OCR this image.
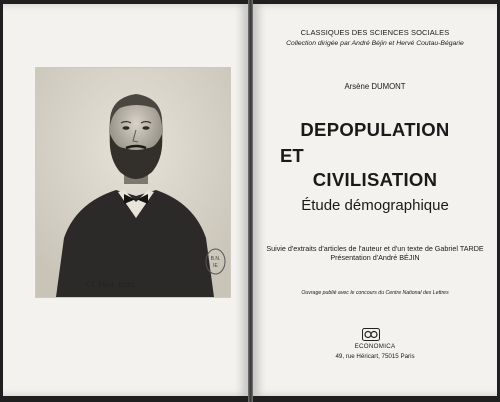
Cl. Phot. franç.
B.N.
IE
CLASSIQUES DES SCIENCES SOCIALES
Collection dirigée par André Béjin et Hervé Coutau-Bégarie
Arsène DUMONT
DEPOPULATION
ET
CIVILISATION
Étude démographique
Suivie d'extraits d'articles de l'auteur et d'un texte de Gabriel TARDE
Présentation d'André BÉJIN
Ouvrage publié avec le concours du Centre National des Lettres
ECONOMICA
49, rue Héricart, 75015 Paris
